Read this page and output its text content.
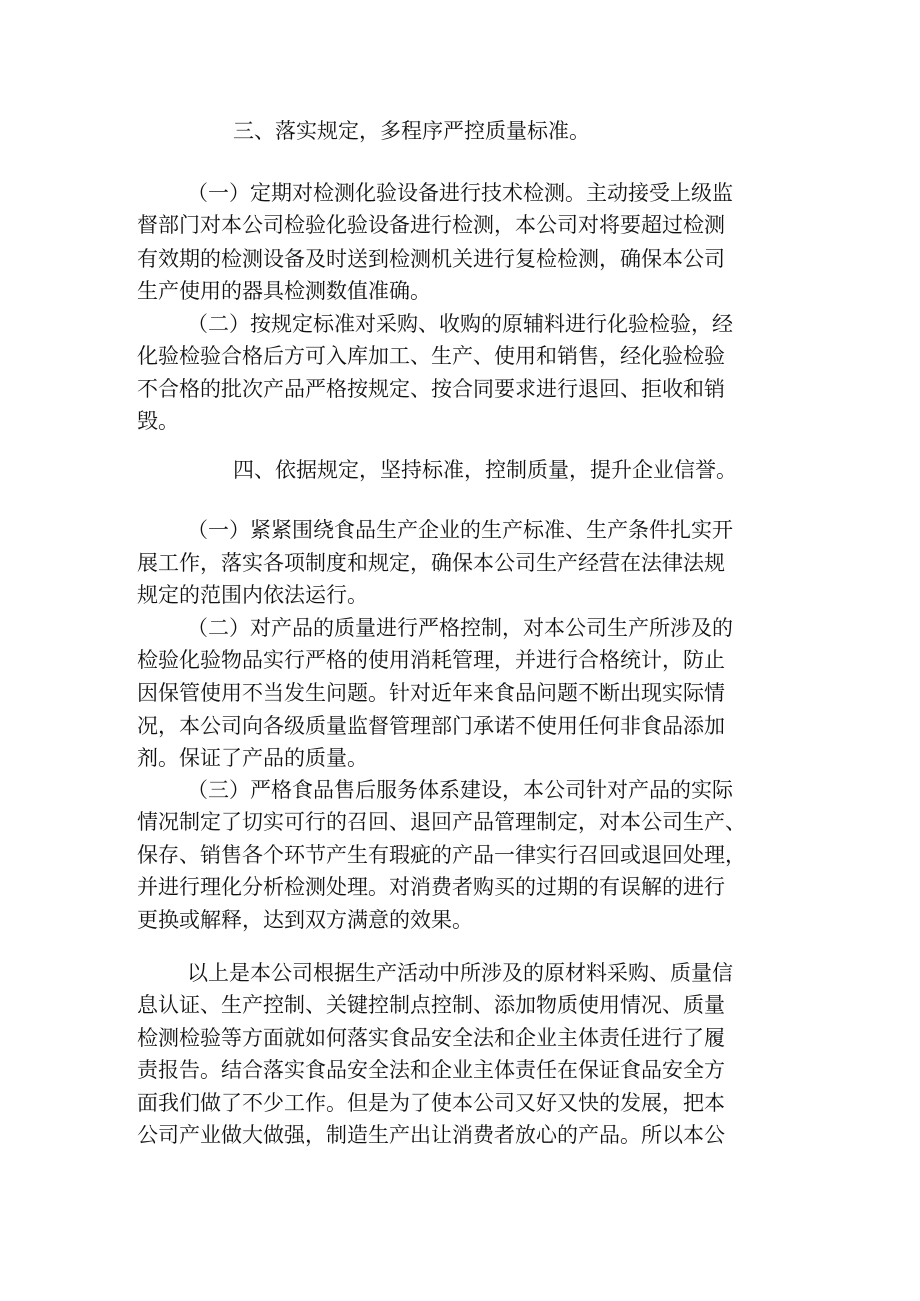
三、落实规定，多程序严控质量标准。
（一）定期对检测化验设备进行技术检测。主动接受上级监
督部门对本公司检验化验设备进行检测，本公司对将要超过检测
有效期的检测设备及时送到检测机关进行复检检测，确保本公司
生产使用的器具检测数值准确。
（二）按规定标准对采购、收购的原辅料进行化验检验，经
化验检验合格后方可入库加工、生产、使用和销售，经化验检验
不合格的批次产品严格按规定、按合同要求进行退回、拒收和销
毁。
四、依据规定，坚持标准，控制质量，提升企业信誉。
（一）紧紧围绕食品生产企业的生产标准、生产条件扎实开
展工作，落实各项制度和规定，确保本公司生产经营在法律法规
规定的范围内依法运行。
（二）对产品的质量进行严格控制，对本公司生产所涉及的
检验化验物品实行严格的使用消耗管理，并进行合格统计，防止
因保管使用不当发生问题。针对近年来食品问题不断出现实际情
况，本公司向各级质量监督管理部门承诺不使用任何非食品添加
剂。保证了产品的质量。
（三）严格食品售后服务体系建设，本公司针对产品的实际
情况制定了切实可行的召回、退回产品管理制定，对本公司生产、
保存、销售各个环节产生有瑕疵的产品一律实行召回或退回处理，
并进行理化分析检测处理。对消费者购买的过期的有误解的进行
更换或解释，达到双方满意的效果。
以上是本公司根据生产活动中所涉及的原材料采购、质量信
息认证、生产控制、关键控制点控制、添加物质使用情况、质量
检测检验等方面就如何落实食品安全法和企业主体责任进行了履
责报告。结合落实食品安全法和企业主体责任在保证食品安全方
面我们做了不少工作。但是为了使本公司又好又快的发展，把本
公司产业做大做强，制造生产出让消费者放心的产品。所以本公
